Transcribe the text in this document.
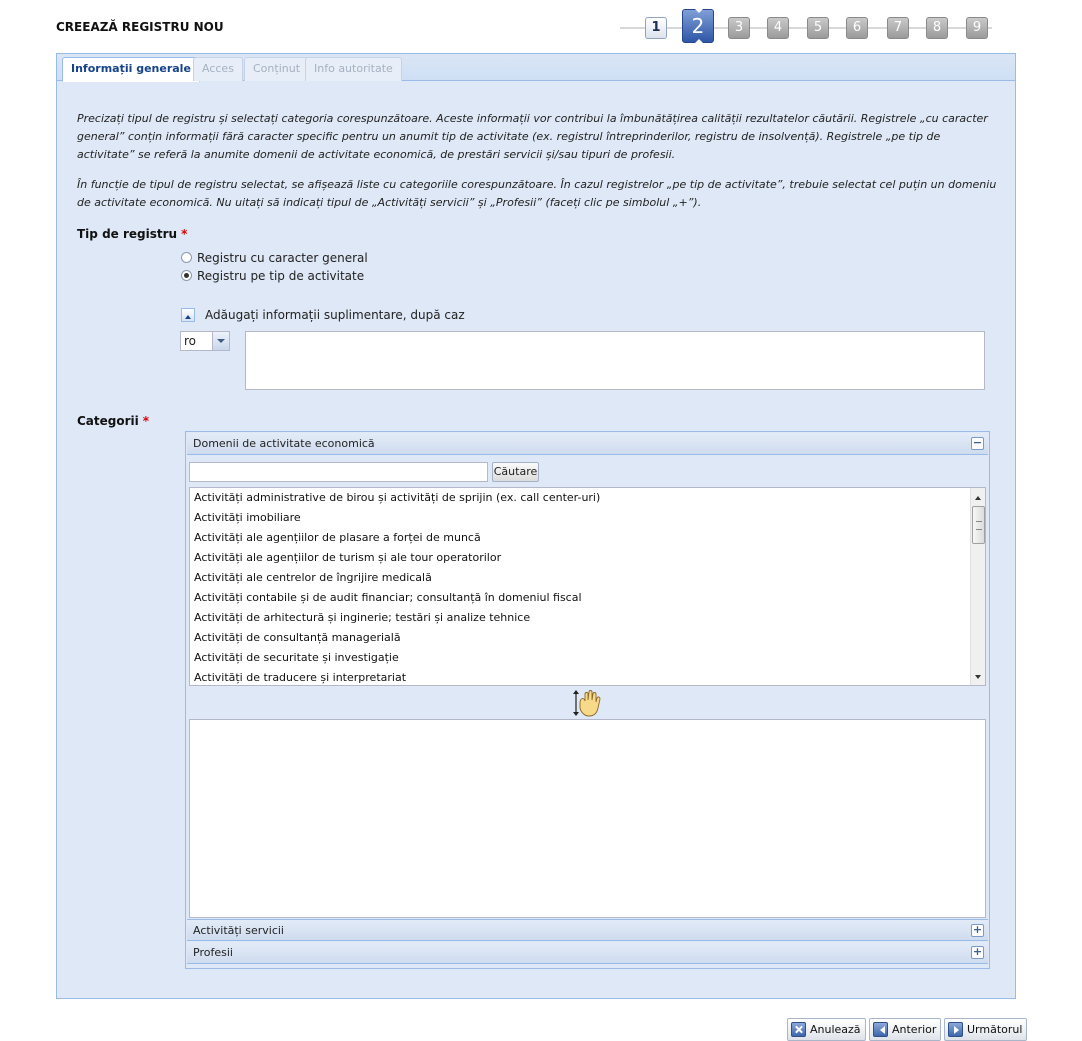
CREEAZĂ REGISTRU NOU	1	2	3	4	5	6	7	8	9
Informații generale	Acces	Conținut	Info autoritate
Precizați tipul de registru și selectați categoria corespunzătoare. Aceste informații vor contribui la îmbunătățirea calității rezultatelor căutării. Registrele „cu caracter general” conțin informații fără caracter specific pentru un anumit tip de activitate (ex. registrul întreprinderilor, registru de insolvență). Registrele „pe tip de activitate” se referă la anumite domenii de activitate economică, de prestări servicii și/sau tipuri de profesii.
În funcție de tipul de registru selectat, se afișează liste cu categoriile corespunzătoare. În cazul registrelor „pe tip de activitate”, trebuie selectat cel puțin un domeniu de activitate economică. Nu uitați să indicați tipul de „Activități servicii” și „Profesii” (faceți clic pe simbolul „+”).
Tip de registru *
Registru cu caracter general
Registru pe tip de activitate
Adăugați informații suplimentare, după caz
ro
Categorii *
Domenii de activitate economică	−
Căutare
Activități administrative de birou și activități de sprijin (ex. call center-uri)
Activități imobiliare
Activități ale agențiilor de plasare a forței de muncă
Activități ale agențiilor de turism și ale tour operatorilor
Activități ale centrelor de îngrijire medicală
Activități contabile și de audit financiar; consultanță în domeniul fiscal
Activități de arhitectură și inginerie; testări și analize tehnice
Activități de consultanță managerială
Activități de securitate și investigație
Activități de traducere și interpretariat
Activități servicii	+
Profesii	+
Anulează	Anterior	Următorul
